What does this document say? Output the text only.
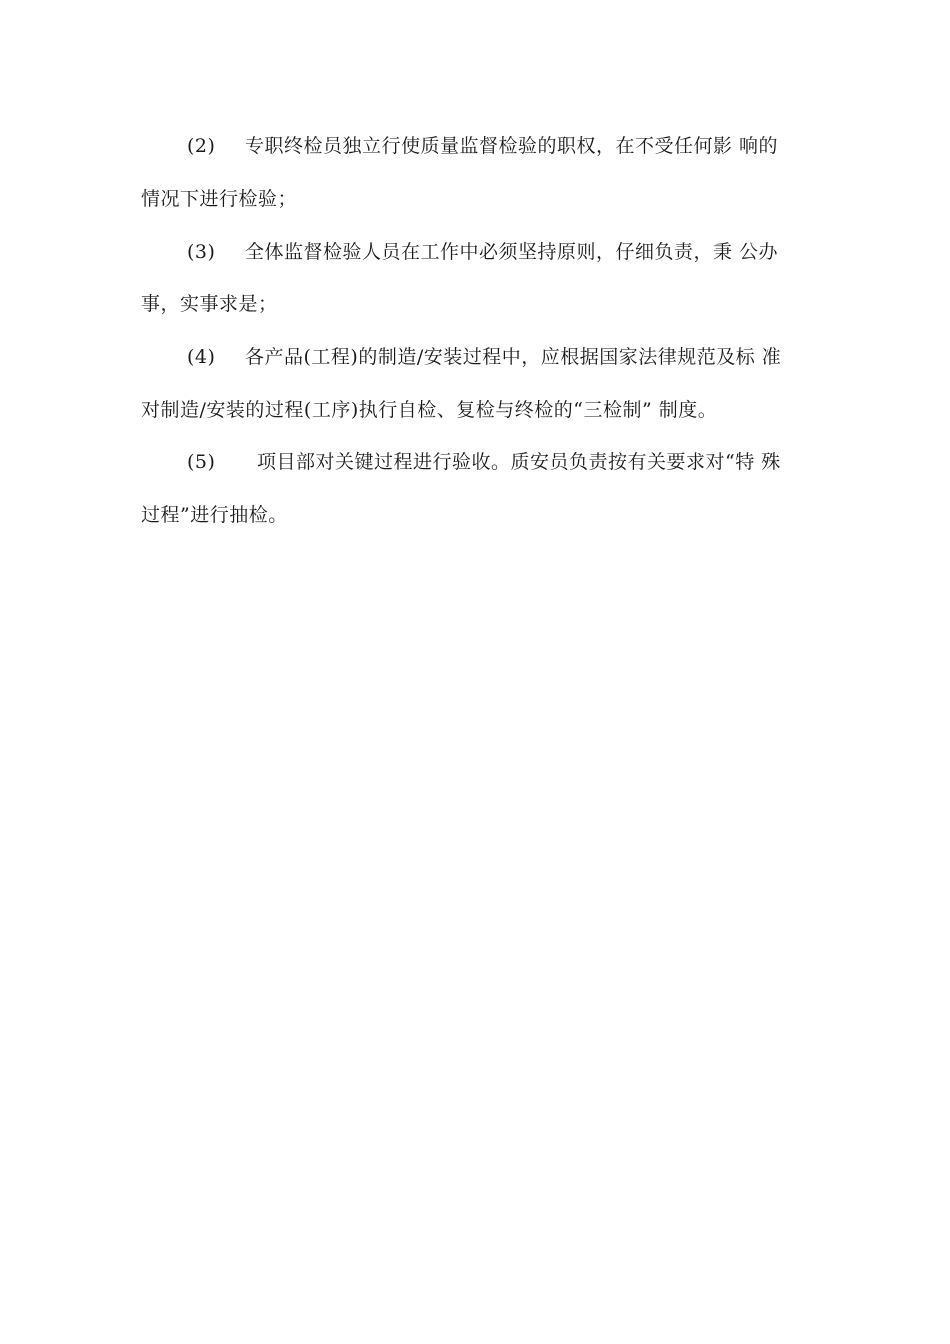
(2) 专职终检员独立行使质量监督检验的职权，在不受任何影 响的
情况下进行检验；
(3) 全体监督检验人员在工作中必须坚持原则，仔细负责，秉 公办
事，实事求是；
(4) 各产品(工程)的制造/安装过程中，应根据国家法律规范及标 准
对制造/安装的过程(工序)执行自检、复检与终检的“三检制” 制度。
(5) 项目部对关键过程进行验收。质安员负责按有关要求对“特 殊
过程”进行抽检。
